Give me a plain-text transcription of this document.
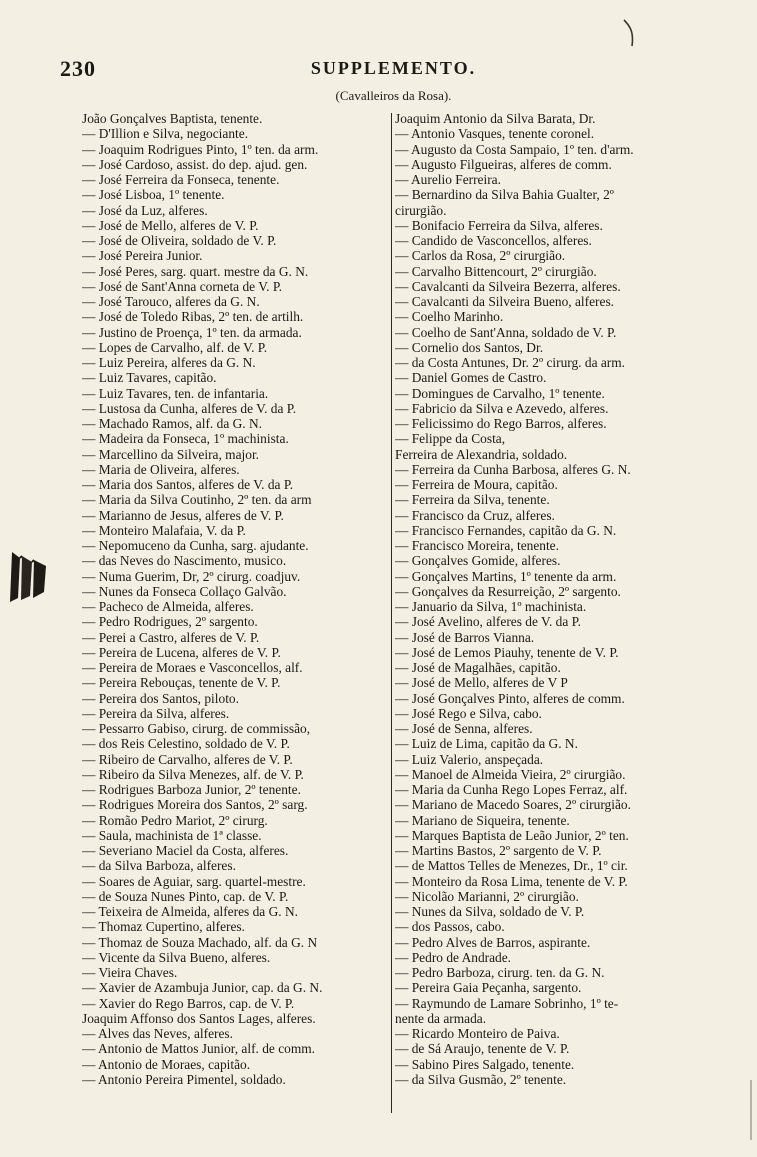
230	SUPPLEMENTO.
(Cavalleiros da Rosa).
João Gonçalves Baptista, tenente.
— D'Illion e Silva, negociante.
— Joaquim Rodrigues Pinto, 1º ten. da arm.
— José Cardoso, assist. do dep. ajud. gen.
— José Ferreira da Fonseca, tenente.
— José Lisboa, 1º tenente.
— José da Luz, alferes.
— José de Mello, alferes de V. P.
— José de Oliveira, soldado de V. P.
— José Pereira Junior.
— José Peres, sarg. quart. mestre da G. N.
— José de Sant'Anna corneta de V. P.
— José Tarouco, alferes da G. N.
— José de Toledo Ribas, 2º ten. de artilh.
— Justino de Proença, 1º ten. da armada.
— Lopes de Carvalho, alf. de V. P.
— Luiz Pereira, alferes da G. N.
— Luiz Tavares, capitão.
— Luiz Tavares, ten. de infantaria.
— Lustosa da Cunha, alferes de V. da P.
— Machado Ramos, alf. da G. N.
— Madeira da Fonseca, 1º machinista.
— Marcellino da Silveira, major.
— Maria de Oliveira, alferes.
— Maria dos Santos, alferes de V. da P.
— Maria da Silva Coutinho, 2º ten. da arm
— Marianno de Jesus, alferes de V. P.
— Monteiro Malafaia, V. da P.
— Nepomuceno da Cunha, sarg. ajudante.
— das Neves do Nascimento, musico.
— Numa Guerim, Dr, 2º cirurg. coadjuv.
— Nunes da Fonseca Collaço Galvão.
— Pacheco de Almeida, alferes.
— Pedro Rodrigues, 2º sargento.
— Perei a Castro, alferes de V. P.
— Pereira de Lucena, alferes de V. P.
— Pereira de Moraes e Vasconcellos, alf.
— Pereira Rebouças, tenente de V. P.
— Pereira dos Santos, piloto.
— Pereira da Silva, alferes.
— Pessarro Gabiso, cirurg. de commissão,
— dos Reis Celestino, soldado de V. P.
— Ribeiro de Carvalho, alferes de V. P.
— Ribeiro da Silva Menezes, alf. de V. P.
— Rodrigues Barboza Junior, 2º tenente.
— Rodrigues Moreira dos Santos, 2º sarg.
— Romão Pedro Mariot, 2º cirurg.
— Saula, machinista de 1ª classe.
— Severiano Maciel da Costa, alferes.
— da Silva Barboza, alferes.
— Soares de Aguiar, sarg. quartel-mestre.
— de Souza Nunes Pinto, cap. de V. P.
— Teixeira de Almeida, alferes da G. N.
— Thomaz Cupertino, alferes.
— Thomaz de Souza Machado, alf. da G. N
— Vicente da Silva Bueno, alferes.
— Vieira Chaves.
— Xavier de Azambuja Junior, cap. da G. N.
— Xavier do Rego Barros, cap. de V. P.
Joaquim Affonso dos Santos Lages, alferes.
— Alves das Neves, alferes.
— Antonio de Mattos Junior, alf. de comm.
— Antonio de Moraes, capitão.
— Antonio Pereira Pimentel, soldado.
Joaquim Antonio da Silva Barata, Dr.
— Antonio Vasques, tenente coronel.
— Augusto da Costa Sampaio, 1º ten. d'arm.
— Augusto Filgueiras, alferes de comm.
— Aurelio Ferreira.
— Bernardino da Silva Bahia Gualter, 2º
cirurgião.
— Bonifacio Ferreira da Silva, alferes.
— Candido de Vasconcellos, alferes.
— Carlos da Rosa, 2º cirurgião.
— Carvalho Bittencourt, 2º cirurgião.
— Cavalcanti da Silveira Bezerra, alferes.
— Cavalcanti da Silveira Bueno, alferes.
— Coelho Marinho.
— Coelho de Sant'Anna, soldado de V. P.
— Cornelio dos Santos, Dr.
— da Costa Antunes, Dr. 2º cirurg. da arm.
— Daniel Gomes de Castro.
— Domingues de Carvalho, 1º tenente.
— Fabricio da Silva e Azevedo, alferes.
— Felicissimo do Rego Barros, alferes.
— Felippe da Costa,
Ferreira de Alexandria, soldado.
— Ferreira da Cunha Barbosa, alferes G. N.
— Ferreira de Moura, capitão.
— Ferreira da Silva, tenente.
— Francisco da Cruz, alferes.
— Francisco Fernandes, capitão da G. N.
— Francisco Moreira, tenente.
— Gonçalves Gomide, alferes.
— Gonçalves Martins, 1º tenente da arm.
— Gonçalves da Resurreição, 2º sargento.
— Januario da Silva, 1º machinista.
— José Avelino, alferes de V. da P.
— José de Barros Vianna.
— José de Lemos Piauhy, tenente de V. P.
— José de Magalhães, capitão.
— José de Mello, alferes de V P
— José Gonçalves Pinto, alferes de comm.
— José Rego e Silva, cabo.
— José de Senna, alferes.
— Luiz de Lima, capitão da G. N.
— Luiz Valerio, anspeçada.
— Manoel de Almeida Vieira, 2º cirurgião.
— Maria da Cunha Rego Lopes Ferraz, alf.
— Mariano de Macedo Soares, 2º cirurgião.
— Mariano de Siqueira, tenente.
— Marques Baptista de Leão Junior, 2º ten.
— Martins Bastos, 2º sargento de V. P.
— de Mattos Telles de Menezes, Dr., 1º cir.
— Monteiro da Rosa Lima, tenente de V. P.
— Nicolão Marianni, 2º cirurgião.
— Nunes da Silva, soldado de V. P.
— dos Passos, cabo.
— Pedro Alves de Barros, aspirante.
— Pedro de Andrade.
— Pedro Barboza, cirurg. ten. da G. N.
— Pereira Gaia Peçanha, sargento.
— Raymundo de Lamare Sobrinho, 1º te-
nente da armada.
— Ricardo Monteiro de Paiva.
— de Sá Araujo, tenente de V. P.
— Sabino Pires Salgado, tenente.
— da Silva Gusmão, 2º tenente.
